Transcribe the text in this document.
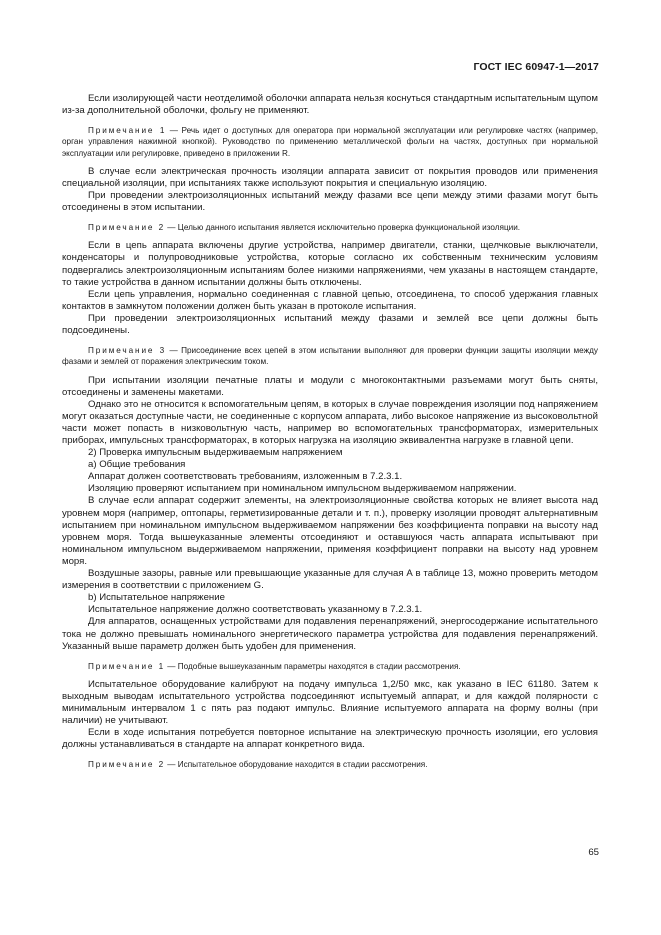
ГОСТ IEC 60947-1—2017

Если изолирующей части неотделимой оболочки аппарата нельзя коснуться стандартным испытательным щупом из-за дополнительной оболочки, фольгу не применяют.

Примечание 1 — Речь идет о доступных для оператора при нормальной эксплуатации или регулировке частях (например, орган управления нажимной кнопкой). Руководство по применению металлической фольги на частях, доступных при нормальной эксплуатации или регулировке, приведено в приложении R.

В случае если электрическая прочность изоляции аппарата зависит от покрытия проводов или применения специальной изоляции, при испытаниях также используют покрытия и специальную изоляцию.

При проведении электроизоляционных испытаний между фазами все цепи между этими фазами могут быть отсоединены в этом испытании.

Примечание 2 — Целью данного испытания является исключительно проверка функциональной изоляции.

Если в цепь аппарата включены другие устройства, например двигатели, станки, щелчковые выключатели, конденсаторы и полупроводниковые устройства, которые согласно их собственным техническим условиям подвергались электроизоляционным испытаниям более низкими напряжениями, чем указаны в настоящем стандарте, то такие устройства в данном испытании должны быть отключены.

Если цепь управления, нормально соединенная с главной цепью, отсоединена, то способ удержания главных контактов в замкнутом положении должен быть указан в протоколе испытания.

При проведении электроизоляционных испытаний между фазами и землей все цепи должны быть подсоединены.

Примечание 3 — Присоединение всех цепей в этом испытании выполняют для проверки функции защиты изоляции между фазами и землей от поражения электрическим током.

При испытании изоляции печатные платы и модули с многоконтактными разъемами могут быть сняты, отсоединены и заменены макетами.

Однако это не относится к вспомогательным цепям, в которых в случае повреждения изоляции под напряжением могут оказаться доступные части, не соединенные с корпусом аппарата, либо высокое напряжение из высоковольтной части может попасть в низковольтную часть, например во вспомогательных трансформаторах, измерительных приборах, импульсных трансформаторах, в которых нагрузка на изоляцию эквивалентна нагрузке в главной цепи.

2) Проверка импульсным выдерживаемым напряжением

a) Общие требования

Аппарат должен соответствовать требованиям, изложенным в 7.2.3.1.

Изоляцию проверяют испытанием при номинальном импульсном выдерживаемом напряжении.

В случае если аппарат содержит элементы, на электроизоляционные свойства которых не влияет высота над уровнем моря (например, оптопары, герметизированные детали и т. п.), проверку изоляции проводят альтернативным испытанием при номинальном импульсном выдерживаемом напряжении без коэффициента поправки на высоту над уровнем моря. Тогда вышеуказанные элементы отсоединяют и оставшуюся часть аппарата испытывают при номинальном импульсном выдерживаемом напряжении, применяя коэффициент поправки на высоту над уровнем моря.

Воздушные зазоры, равные или превышающие указанные для случая А в таблице 13, можно проверить методом измерения в соответствии с приложением G.

b) Испытательное напряжение

Испытательное напряжение должно соответствовать указанному в 7.2.3.1.

Для аппаратов, оснащенных устройствами для подавления перенапряжений, энергосодержание испытательного тока не должно превышать номинального энергетического параметра устройства для подавления перенапряжений. Указанный выше параметр должен быть удобен для применения.

Примечание 1 — Подобные вышеуказанным параметры находятся в стадии рассмотрения.

Испытательное оборудование калибруют на подачу импульса 1,2/50 мкс, как указано в IEC 61180. Затем к выходным выводам испытательного устройства подсоединяют испытуемый аппарат, и для каждой полярности с минимальным интервалом 1 с пять раз подают импульс. Влияние испытуемого аппарата на форму волны (при наличии) не учитывают.

Если в ходе испытания потребуется повторное испытание на электрическую прочность изоляции, его условия должны устанавливаться в стандарте на аппарат конкретного вида.

Примечание 2 — Испытательное оборудование находится в стадии рассмотрения.

65
